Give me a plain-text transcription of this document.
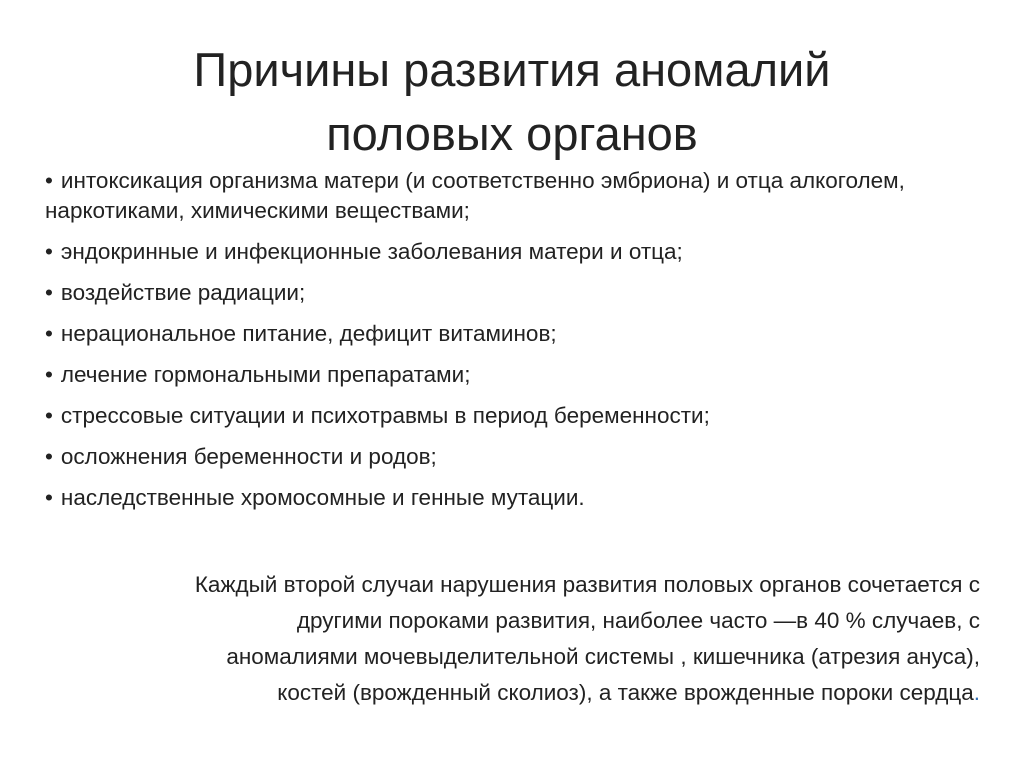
Причины развития аномалий
половых органов
• интоксикация организма матери (и соответственно эмбриона) и отца алкоголем, наркотиками, химическими веществами;
• эндокринные и инфекционные заболевания матери и отца;
• воздействие радиации;
• нерациональное питание, дефицит витаминов;
• лечение гормональными препаратами;
• стрессовые ситуации и психотравмы в период беременности;
• осложнения беременности и родов;
• наследственные хромосомные и генные мутации.

Каждый второй случаи нарушения развития половых органов сочетается с
другими пороками развития, наиболее часто —в 40 % случаев, с
аномалиями мочевыделительной системы , кишечника (атрезия ануса),
костей (врожденный сколиоз), а также врожденные пороки сердца.
